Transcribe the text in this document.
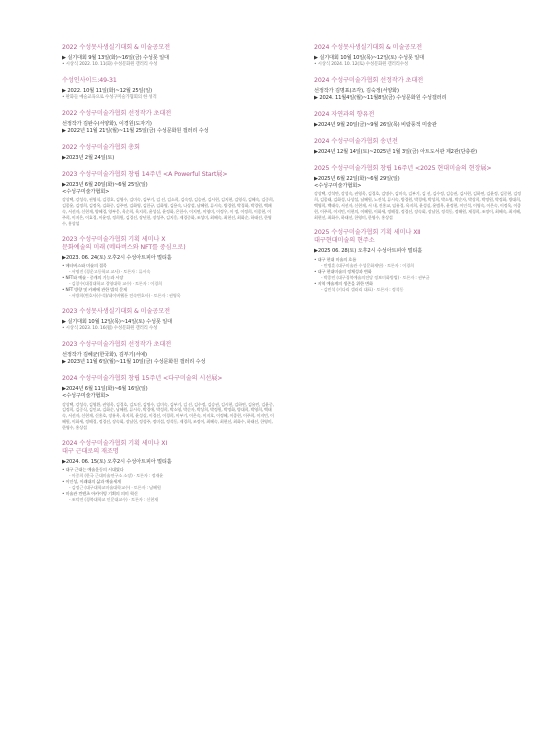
2022 수성못사생실기대회 & 미술공모전
▶ 실기대회 9월 13일(화)~16일(금) 수성못 일대
• 시상식 2022. 10. 11(화) 수성문화원 갤러리 수성
수성인사이드:49-31
▶ 2022. 10월 11일(화)~12월 25일(일)
• 판화들 예술교육으로 수성구미술가협회의 한 성격
2022 수성구미술가협회 선정작가 초대전
선정작가 김완수(서양화), 이경원(도자기)
▶ 2022년 11월 21일(월)~11월 25일(금) 수성문화원 갤러리 수성
2022 수성구미술가협회 총회
▶2023년 2월 24일(토)
2023 수성구미술가협회 창립 14주년 <A Powerful Start展>
▶2023년 6월 20일(화)~6월 25일(일)
<수성구미술가협회>
강상택, 강성숙, 권영식, 김경호, 김영수, 김미숙, 김부기, 김 선, 김소희, 김숙정, 김승권, 김시현, 김지현, 김영식, 김혜숙, 김중희, 김종윤, 김정희, 김정옥, 김화중, 김주연, 김화영, 김한규, 김화영, 김용숙, 나상섭, 남혜원, 류시숙, 방경원, 박경화, 박경원, 백패숙, 서선자, 신현재, 양혜경, 양부웅, 육순희, 육지희, 윤성실, 윤정화, 은한수, 이지연, 이영미, 이정우, 이 정, 이정희, 이종현, 이주희, 이지은, 이효경, 이윤정, 정희원, 김경선, 장년헌, 장성주, 김지웅, 제경중화, 조성미, 최혜숙, 최현선, 최화순, 하태선, 한영수, 홍상섭
2023 수성구미술가협회 기획 세미나 X
문화예술의 미래 (메타버스와 NFT를 중심으로)
▶2023. 06. 24(토) 오후2시 수성아트피아 멀티홀
• 메타버스와 미술의 접목
- 서명진 (경운고등학교 교사) · 토론자 : 류시숙
• NFT와 예술 - 중개의 기능과 시장
- 김창수(대경대학교 경영대학 교수) · 토론자 : 이경희
• NFT 방향 및 카페에 관한 법적 문제
- 서방희(변호사(수석)/네이버웹툰 전속변호사) · 토론자 : 권영욱
2023 수성못사생실기대회 & 미술공모전
▶ 실기대회 10월 12일(목)~14일(토) 수성못 일대
• 시상식 2023. 10. 16(월) 수성문화원 갤러리 수성
2023 수성구미술가협회 선정작가 초대전
선정작가 김혜균(한국화), 김부기(서예)
▶ 2023년 11월 6일(월)~11월 10일(금) 수성문화원 갤러리 수성
2024 수성구미술가협회 창립 15주년 <다구미술의 시선展>
▶2024년 6월 11일(화)~6월 16일(일)
<수성구미술가협회>
강상택, 강성숙, 김영환, 권영욱, 김경호, 김도진, 김명수, 김미숙, 김부기, 김 선, 김수정, 김승권, 김시현, 김하연, 김유민, 김윤중, 김정희, 김중식, 김인교, 김화순, 남혜원, 류시숙, 박경애, 박성희, 박소영, 박순자, 박상희, 박정원, 박정화, 방대희, 박영희, 백태숙, 서선자, 신현재, 신홍호, 장유옥, 육지희, 윤성실, 이경선, 이경희, 이부기, 이은숙, 이지호, 이정혜, 이종현, 이주희, 이지민, 이혜원, 이화세, 정해경, 정경선, 장숙회, 장남헌, 정성주, 정미섭, 정석동, 제경희, 조정이, 최혜숙, 최현선, 최화수, 하태선, 한영미, 한영수, 홍상섭
2024 수성구미술가협회 기획 세미나 XI
대구 근대로의 재조명
▶2024. 06. 15(토) 오후2시 수성아트피아 멀티홀
• 대구 근대는 예술운동의 시대였다
- 이중희 (한국 근대미술연구소 소장) · 토론자 : 정재윤
• 이인성, 이쾌대의 삶과 예술세계
- 김정근 (대구대학교미술대학교수) · 토론자 : 남혜원
• 미술관 컨텐츠 아카이빙 기획의 의미 혁신
- 조덕연 (경북대학교 인문대교수) · 토론자 : 신현재
2024 수성못사생실기대회 & 미술공모전
▶ 실기대회 10월 10일(목)~12일(토) 수성못 일대
• 시상식 2024. 10. 12(토) 수성문화원 갤러리수성
2024 수성구미술가협회 선정작가 초대전
선정작가 김명표(조각), 김숙정(서양화)
▶ 2024. 11월4일(월)~11월8일(금) 수성문화원 수성갤러리
2024 자연과의 향유전
▶2024년 9월 20일(금)~9월 26일(목) 비람풍적 미술관
2024 수성구미술가협회 송년전
▶2024년 12월 14일(토)~2025년 1월 3일(금) 아트도서관 제2관(단층관)
2025 수성구미술가협회 창립 16주년 <2025 현대미술의 현장展>
▶2025년 6월 22일(화)~6월 29일(일)
<수성구미술가협회>
강상택, 강석만, 강성숙, 권영욱, 김경호, 김명수, 김미숙, 김부기, 김 선, 김수정, 김승권, 김시현, 김하연, 김윤정, 김중현, 김정희, 김종태, 김화성, 나상섭, 남혜원, 노진석, 류시숙, 방경원, 박경애, 박성희, 박소영, 박순자, 박상희, 박정원, 박정화, 방대희, 백영희, 백태숙, 서선자, 신현재, 서 내, 진홍교, 임유경, 육지희, 윤성실, 윤범옥, 윤정현, 이인석, 이영숙, 이은숙, 이정욱, 이종현, 이주희, 이지민, 이현의, 이혜원, 이화세, 정해경, 정경선, 장숙회, 장남헌, 정석동, 정해원, 제경희, 조정이, 최혜숙, 최지혜, 최현선, 최화수, 하태선, 한영미, 한영수, 홍상섭
2025 수성구미술가협회 기획 세미나 Ⅻ
대구현대미술의 현주소
▶2025 06. 28(토) 오후2시 수성아트피아 멀티홀
• 대구 현대 미술의 흐름
- 민병훈 (대구미술관 수성문화재단) · 토론자 : 이경희
• 대구 현대미술의 정체성과 변화
- 박종민 (대구경북예술의전당 정보미화방법) · 토론자 : 권부균
• 지역 예술계의 생존을 위한 변화
- 김민석 (키다리 갤러리 대표) · 토론자 : 정석동
